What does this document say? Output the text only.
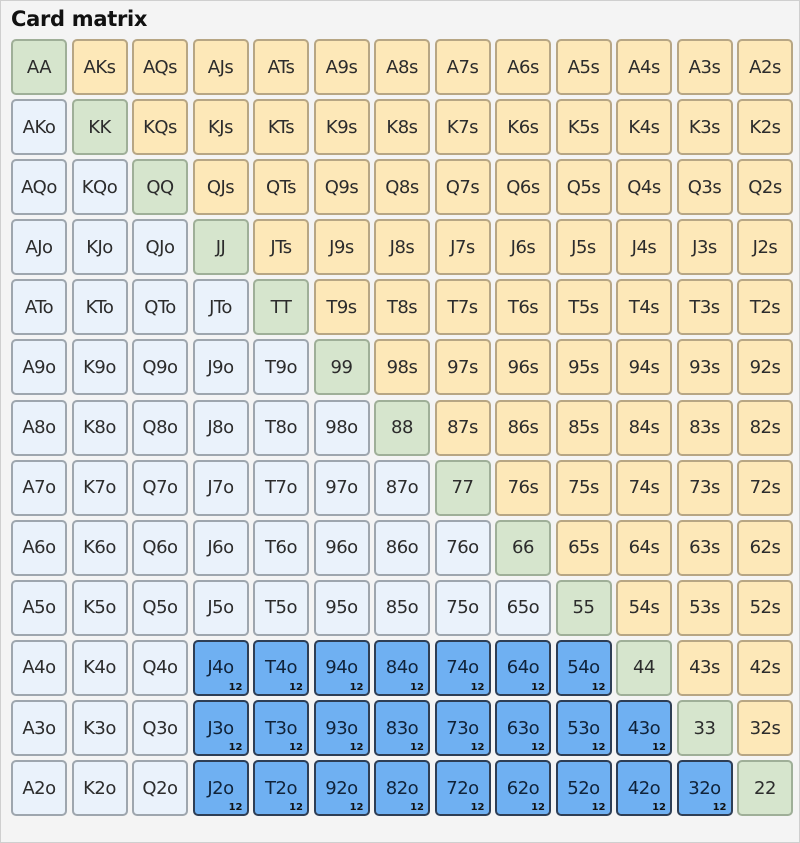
Card matrix
AA AKs AQs AJs ATs A9s A8s A7s A6s A5s A4s A3s A2s
AKo KK KQs KJs KTs K9s K8s K7s K6s K5s K4s K3s K2s
AQo KQo QQ QJs QTs Q9s Q8s Q7s Q6s Q5s Q4s Q3s Q2s
AJo KJo QJo JJ	JTs J9s J8s J7s J6s J5s J4s J3s J2s
ATo KTo QTo JTo TT T9s T8s T7s T6s T5s T4s T3s T2s
A9o K9o Q9o J9o T9o 99 98s 97s 96s 95s 94s 93s 92s
A8o K8o Q8o J8o T8o 98o 88 87s 86s 85s 84s 83s 82s
A7o K7o Q7o J7o T7o 97o 87o 77 76s 75s 74s 73s 72s
A6o K6o Q6o J6o T6o 96o 86o 76o 66 65s 64s 63s 62s
A5o K5o Q5o J5o T5o 95o 85o 75o 65o 55 54s 53s 52s
A4o K4o Q4o J4o
12
T4o
12
94o
12
84o
12
74o
12
64o
12
54o
12
44 43s 42s
A3o K3o Q3o J3o
12
T3o
12
93o
12
83o
12
73o
12
63o
12
53o
12
43o
12
33 32s
A2o K2o Q2o J2o
12
T2o
12
92o
12
82o
12
72o
12
62o
12
52o
12
42o
12
32o
12
22
